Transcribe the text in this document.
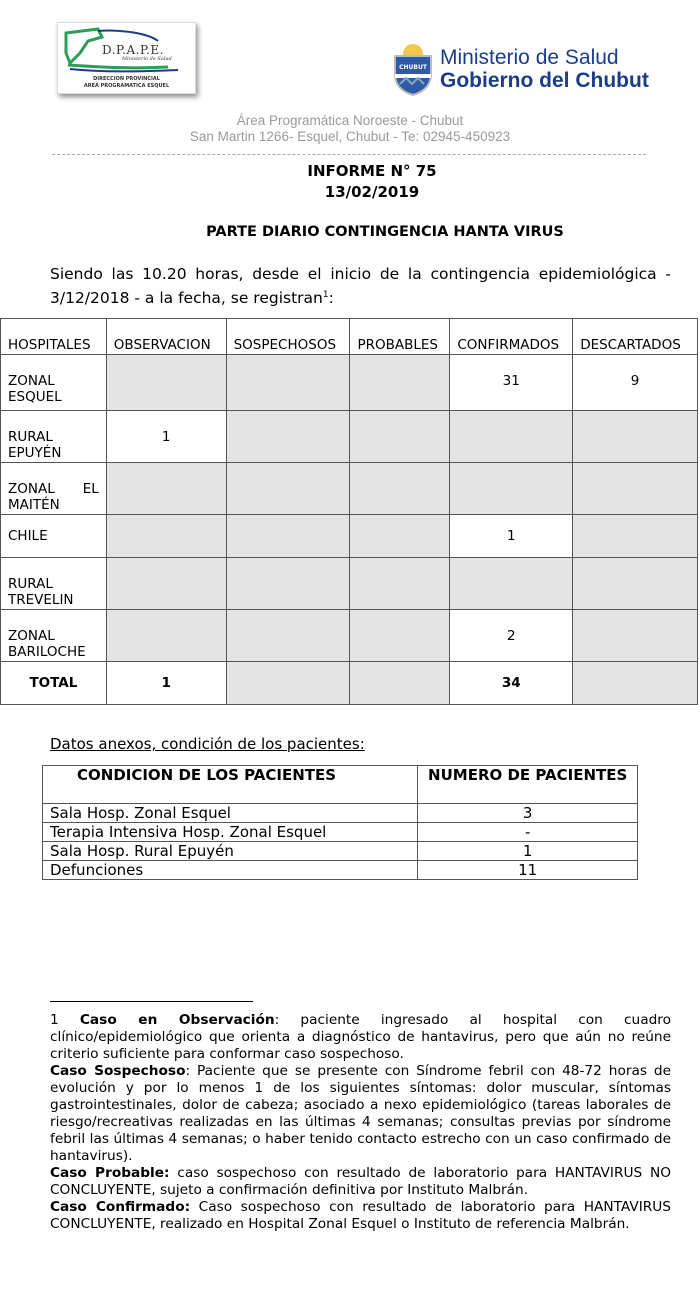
D.P.A.P.E.
Ministerio de Salud
DIRECCION PROVINCIAL
AREA PROGRAMATICA ESQUEL
CHUBUT Ministerio de Salud
Gobierno del Chubut
Área Programática Noroeste - Chubut
San Martin 1266- Esquel, Chubut - Te: 02945-450923
INFORME N° 75
13/02/2019
PARTE DIARIO CONTINGENCIA HANTA VIRUS
Siendo las 10.20 horas, desde el inicio de la contingencia epidemiológica - 3/12/2018 - a la fecha, se registran$^1$:
HOSPITALES	OBSERVACION	SOSPECHOSOS	PROBABLES	CONFIRMADOS	DESCARTADOS
ZONAL ESQUEL				31	9
RURAL EPUYÉN	1				
ZONAL EL MAITÉN					
CHILE				1	
RURAL TREVELIN					
ZONAL BARILOCHE				2	
TOTAL	1			34	
Datos anexos, condición de los pacientes:
CONDICION DE LOS PACIENTES	NUMERO DE PACIENTES
Sala Hosp. Zonal Esquel	3
Terapia Intensiva Hosp. Zonal Esquel	-
Sala Hosp. Rural Epuyén	1
Defunciones	11

1 Caso en Observación: paciente ingresado al hospital con cuadro clínico/epidemiológico que orienta a diagnóstico de hantavirus, pero que aún no reúne criterio suficiente para conformar caso sospechoso.

Caso Sospechoso: Paciente que se presente con Síndrome febril con 48-72 horas de evolución y por lo menos 1 de los siguientes síntomas: dolor muscular, síntomas gastrointestinales, dolor de cabeza; asociado a nexo epidemiológico (tareas laborales de riesgo/recreativas realizadas en las últimas 4 semanas; consultas previas por síndrome febril las últimas 4 semanas; o haber tenido contacto estrecho con un caso confirmado de hantavirus).

Caso Probable: caso sospechoso con resultado de laboratorio para HANTAVIRUS NO CONCLUYENTE, sujeto a confirmación definitiva por Instituto Malbrán.

Caso Confirmado: Caso sospechoso con resultado de laboratorio para HANTAVIRUS CONCLUYENTE, realizado en Hospital Zonal Esquel o Instituto de referencia Malbrán.
